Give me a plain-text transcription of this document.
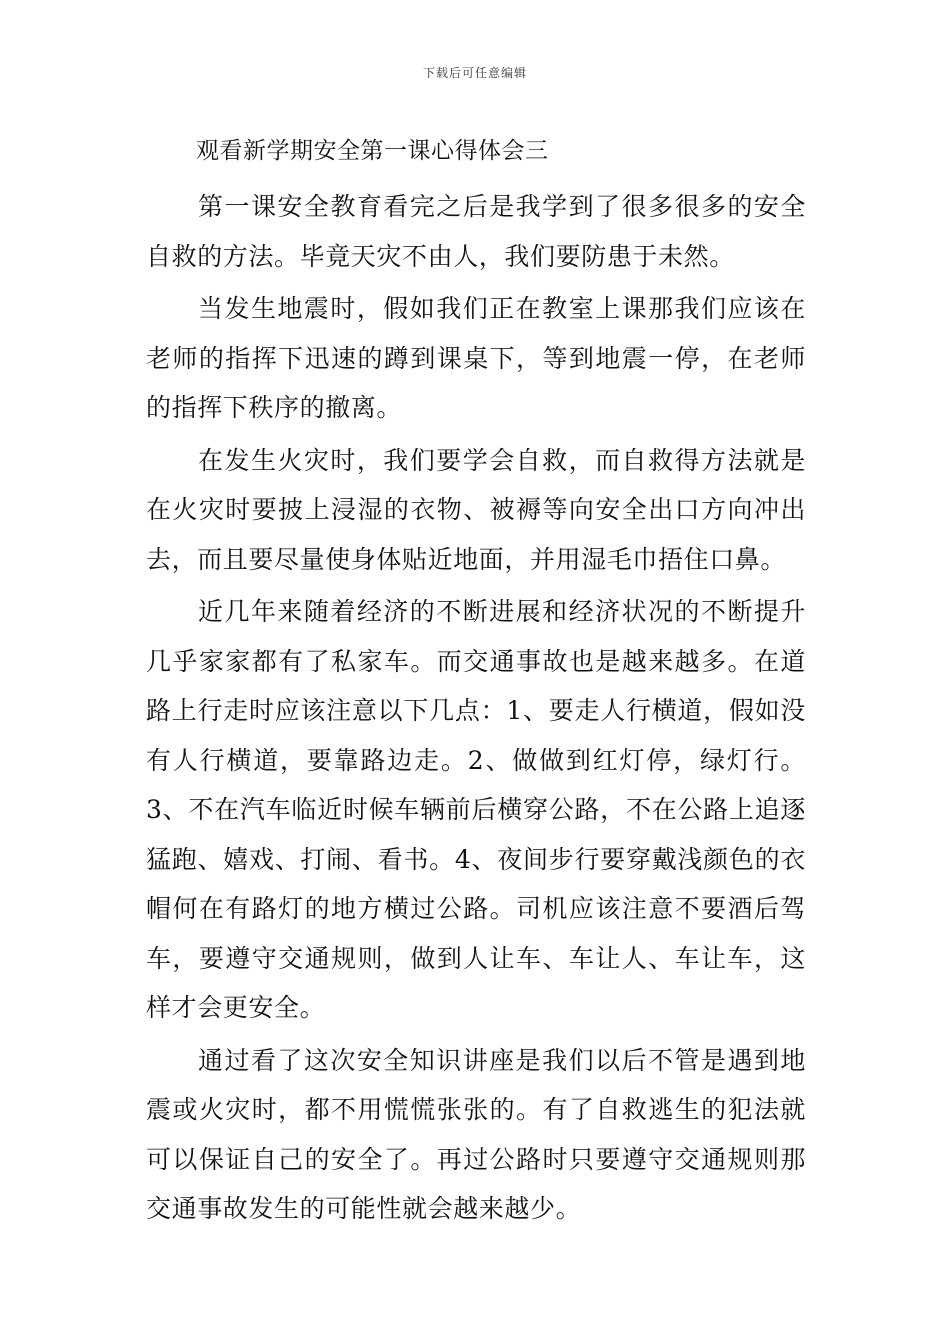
下载后可任意编辑
观看新学期安全第一课心得体会三

第一课安全教育看完之后是我学到了很多很多的安全自救的方法。毕竟天灾不由人，我们要防患于未然。

当发生地震时，假如我们正在教室上课那我们应该在老师的指挥下迅速的蹲到课桌下，等到地震一停，在老师的指挥下秩序的撤离。

在发生火灾时，我们要学会自救，而自救得方法就是在火灾时要披上浸湿的衣物、被褥等向安全出口方向冲出去，而且要尽量使身体贴近地面，并用湿毛巾捂住口鼻。

近几年来随着经济的不断进展和经济状况的不断提升几乎家家都有了私家车。而交通事故也是越来越多。在道路上行走时应该注意以下几点：1、要走人行横道，假如没有人行横道，要靠路边走。2、做做到红灯停，绿灯行。3、不在汽车临近时候车辆前后横穿公路，不在公路上追逐猛跑、嬉戏、打闹、看书。4、夜间步行要穿戴浅颜色的衣帽何在有路灯的地方横过公路。司机应该注意不要酒后驾车，要遵守交通规则，做到人让车、车让人、车让车，这样才会更安全。

通过看了这次安全知识讲座是我们以后不管是遇到地震或火灾时，都不用慌慌张张的。有了自救逃生的犯法就可以保证自己的安全了。再过公路时只要遵守交通规则那交通事故发生的可能性就会越来越少。
